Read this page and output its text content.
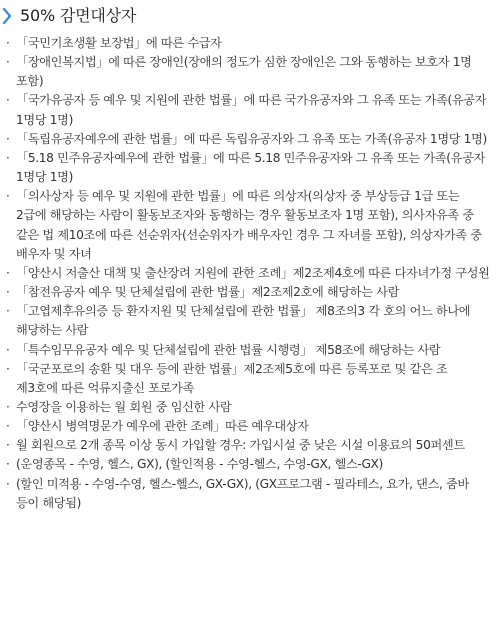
50% 감면대상자
· 「국민기초생활 보장법」에 따른 수급자
· 「장애인복지법」에 따른 장애인(장애의 정도가 심한 장애인은 그와 동행하는 보호자 1명 포함)
· 「국가유공자 등 예우 및 지원에 관한 법률」에 따른 국가유공자와 그 유족 또는 가족(유공자 1명당 1명)
· 「독립유공자예우에 관한 법률」에 따른 독립유공자와 그 유족 또는 가족(유공자 1명당 1명)
· 「5.18 민주유공자예우에 관한 법률」에 따른 5.18 민주유공자와 그 유족 또는 가족(유공자 1명당 1명)
· 「의사상자 등 예우 및 지원에 관한 법률」에 따른 의상자(의상자 중 부상등급 1급 또는 2급에 해당하는 사람이 활동보조자와 동행하는 경우 활동보조자 1명 포함), 의사자유족 중 같은 법 제10조에 따른 선순위자(선순위자가 배우자인 경우 그 자녀를 포함), 의상자가족 중 배우자 및 자녀
· 「양산시 저출산 대책 및 출산장려 지원에 관한 조례」제2조제4호에 따른 다자녀가정 구성원
· 「참전유공자 예우 및 단체설립에 관한 법률」제2조제2호에 해당하는 사람
· 「고엽제후유의증 등 환자지원 및 단체설립에 관한 법률」 제8조의3 각 호의 어느 하나에 해당하는 사람
· 「특수임무유공자 예우 및 단체설립에 관한 법률 시행령」 제58조에 해당하는 사람
· 「국군포로의 송환 및 대우 등에 관한 법률」제2조제5호에 따른 등록포로 및 같은 조 제3호에 따른 억류지출신 포로가족
· 수영장을 이용하는 월 회원 중 임신한 사람
· 「양산시 병역명문가 예우에 관한 조례」따른 예우대상자
· 월 회원으로 2개 종목 이상 동시 가입할 경우: 가입시설 중 낮은 시설 이용료의 50퍼센트
· (운영종목 - 수영, 헬스, GX), (할인적용 - 수영-헬스, 수영-GX, 헬스-GX)
· (할인 미적용 - 수영-수영, 헬스-헬스, GX-GX), (GX프로그램 - 필라테스, 요가, 댄스, 줌바 등이 해당됨)
